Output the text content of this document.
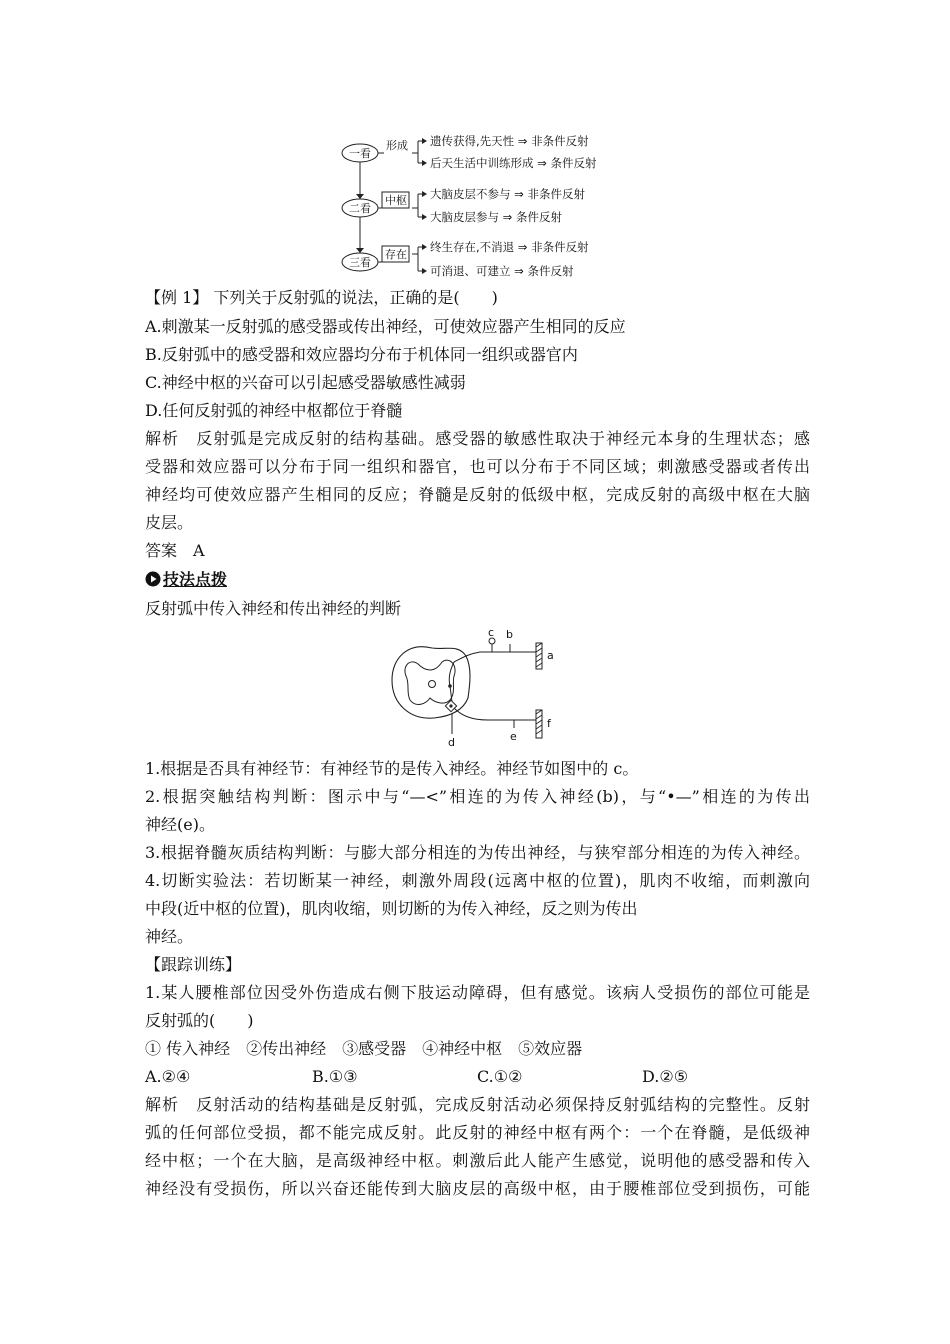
一看
二看
三看
形成
中枢
存在
遗传获得,先天性 ⇒ 非条件反射
后天生活中训练形成 ⇒ 条件反射
大脑皮层不参与 ⇒ 非条件反射
大脑皮层参与 ⇒ 条件反射
终生存在,不消退 ⇒ 非条件反射
可消退、可建立 ⇒ 条件反射
【例 1】 下列关于反射弧的说法，正确的是(　　)
A.刺激某一反射弧的感受器或传出神经，可使效应器产生相同的反应
B.反射弧中的感受器和效应器均分布于机体同一组织或器官内
C.神经中枢的兴奋可以引起感受器敏感性减弱
D.任何反射弧的神经中枢都位于脊髓
解析　反射弧是完成反射的结构基础。感受器的敏感性取决于神经元本身的生理状态；感
受器和效应器可以分布于同一组织和器官，也可以分布于不同区域；刺激感受器或者传出
神经均可使效应器产生相同的反应；脊髓是反射的低级中枢，完成反射的高级中枢在大脑
皮层。
答案　A
技法点拨
反射弧中传入神经和传出神经的判断
c b
a
d	e
f
1.根据是否具有神经节：有神经节的是传入神经。神经节如图中的 c。
2.根据突触结构判断：图示中与“—<”相连的为传入神经(b)，与“•—”相连的为传出
神经(e)。
3.根据脊髓灰质结构判断：与膨大部分相连的为传出神经，与狭窄部分相连的为传入神经。
4.切断实验法：若切断某一神经，刺激外周段(远离中枢的位置)，肌肉不收缩，而刺激向
中段(近中枢的位置)，肌肉收缩，则切断的为传入神经，反之则为传出
神经。
【跟踪训练】
1.某人腰椎部位因受外伤造成右侧下肢运动障碍，但有感觉。该病人受损伤的部位可能是
反射弧的(　　)
① 传入神经　②传出神经　③感受器　④神经中枢　⑤效应器
A.②④	B.①③	C.①②	D.②⑤
解析　反射活动的结构基础是反射弧，完成反射活动必须保持反射弧结构的完整性。反射
弧的任何部位受损，都不能完成反射。此反射的神经中枢有两个：一个在脊髓，是低级神
经中枢；一个在大脑，是高级神经中枢。刺激后此人能产生感觉，说明他的感受器和传入
神经没有受损伤，所以兴奋还能传到大脑皮层的高级中枢，由于腰椎部位受到损伤，可能
